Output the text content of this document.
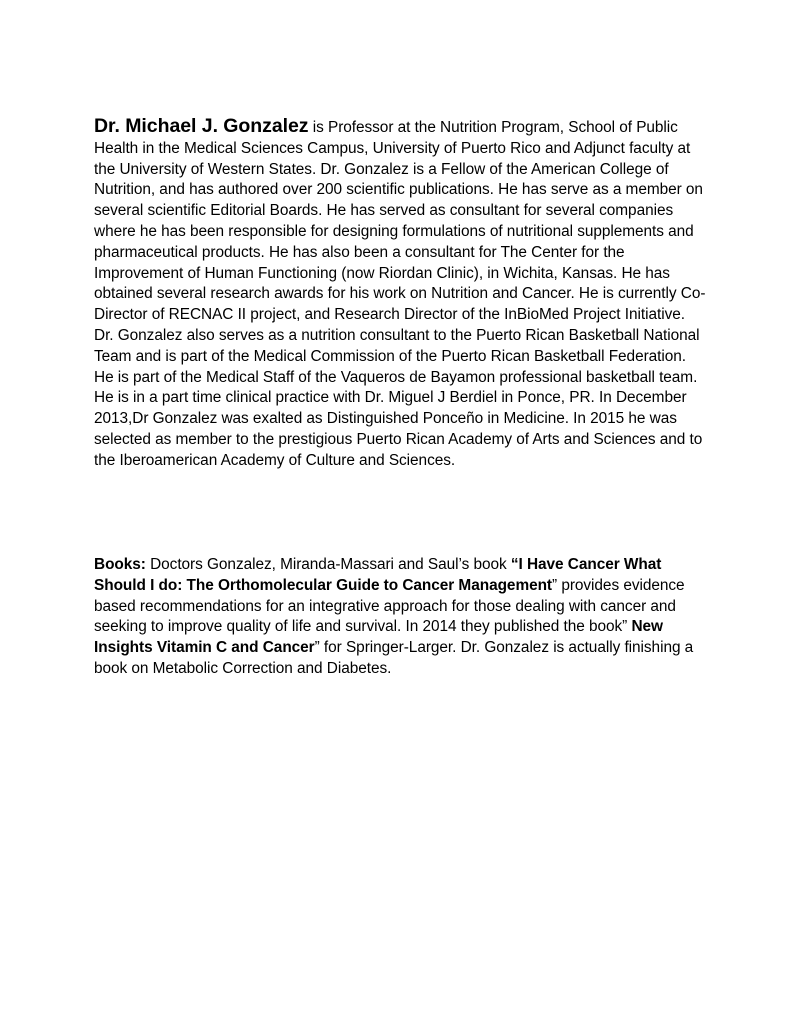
Dr. Michael J. Gonzalez is Professor at the Nutrition Program, School of Public Health in the Medical Sciences Campus, University of Puerto Rico and Adjunct faculty at the University of Western States. Dr. Gonzalez is a Fellow of the American College of Nutrition, and has authored over 200 scientific publications. He has serve as a member on several scientific Editorial Boards. He has served as consultant for several companies where he has been responsible for designing formulations of nutritional supplements and pharmaceutical products. He has also been a consultant for The Center for the Improvement of Human Functioning (now Riordan Clinic), in Wichita, Kansas. He has obtained several research awards for his work on Nutrition and Cancer. He is currently Co- Director of RECNAC II project, and Research Director of the InBioMed Project Initiative. Dr. Gonzalez also serves as a nutrition consultant to the Puerto Rican Basketball National Team and is part of the Medical Commission of the Puerto Rican Basketball Federation. He is part of the Medical Staff of the Vaqueros de Bayamon professional basketball team. He is in a part time clinical practice with Dr. Miguel J Berdiel in Ponce, PR. In December 2013,Dr Gonzalez was exalted as Distinguished Ponceño in Medicine. In 2015 he was selected as member to the prestigious Puerto Rican Academy of Arts and Sciences and to the Iberoamerican Academy of Culture and Sciences.

Books: Doctors Gonzalez, Miranda-Massari and Saul’s book “I Have Cancer What Should I do: The Orthomolecular Guide to Cancer Management” provides evidence based recommendations for an integrative approach for those dealing with cancer and seeking to improve quality of life and survival. In 2014 they published the book” New Insights Vitamin C and Cancer” for Springer-Larger. Dr. Gonzalez is actually finishing a book on Metabolic Correction and Diabetes.
